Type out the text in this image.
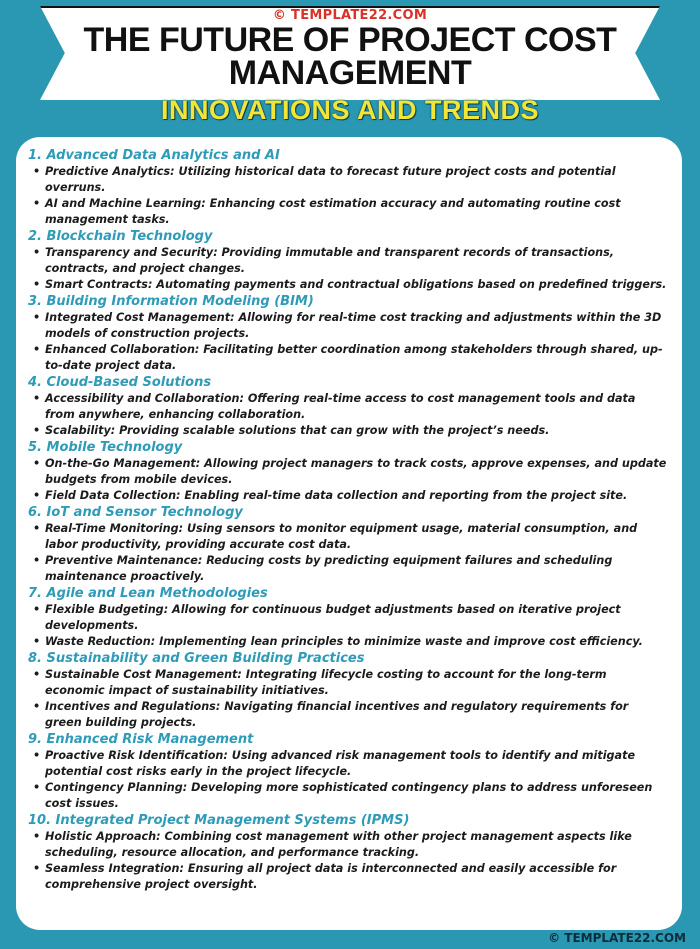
© TEMPLATE22.COM
THE FUTURE OF PROJECT COST MANAGEMENT
INNOVATIONS AND TRENDS
1. Advanced Data Analytics and AI
• Predictive Analytics: Utilizing historical data to forecast future project costs and potential overruns.
• AI and Machine Learning: Enhancing cost estimation accuracy and automating routine cost management tasks.
2. Blockchain Technology
• Transparency and Security: Providing immutable and transparent records of transactions, contracts, and project changes.
• Smart Contracts: Automating payments and contractual obligations based on predefined triggers.
3. Building Information Modeling (BIM)
• Integrated Cost Management: Allowing for real-time cost tracking and adjustments within the 3D models of construction projects.
• Enhanced Collaboration: Facilitating better coordination among stakeholders through shared, up-to-date project data.
4. Cloud-Based Solutions
• Accessibility and Collaboration: Offering real-time access to cost management tools and data from anywhere, enhancing collaboration.
• Scalability: Providing scalable solutions that can grow with the project’s needs.
5. Mobile Technology
• On-the-Go Management: Allowing project managers to track costs, approve expenses, and update budgets from mobile devices.
• Field Data Collection: Enabling real-time data collection and reporting from the project site.
6. IoT and Sensor Technology
• Real-Time Monitoring: Using sensors to monitor equipment usage, material consumption, and labor productivity, providing accurate cost data.
• Preventive Maintenance: Reducing costs by predicting equipment failures and scheduling maintenance proactively.
7. Agile and Lean Methodologies
• Flexible Budgeting: Allowing for continuous budget adjustments based on iterative project developments.
• Waste Reduction: Implementing lean principles to minimize waste and improve cost efficiency.
8. Sustainability and Green Building Practices
• Sustainable Cost Management: Integrating lifecycle costing to account for the long-term economic impact of sustainability initiatives.
• Incentives and Regulations: Navigating financial incentives and regulatory requirements for green building projects.
9. Enhanced Risk Management
• Proactive Risk Identification: Using advanced risk management tools to identify and mitigate potential cost risks early in the project lifecycle.
• Contingency Planning: Developing more sophisticated contingency plans to address unforeseen cost issues.
10. Integrated Project Management Systems (IPMS)
• Holistic Approach: Combining cost management with other project management aspects like scheduling, resource allocation, and performance tracking.
• Seamless Integration: Ensuring all project data is interconnected and easily accessible for comprehensive project oversight.
© TEMPLATE22.COM
